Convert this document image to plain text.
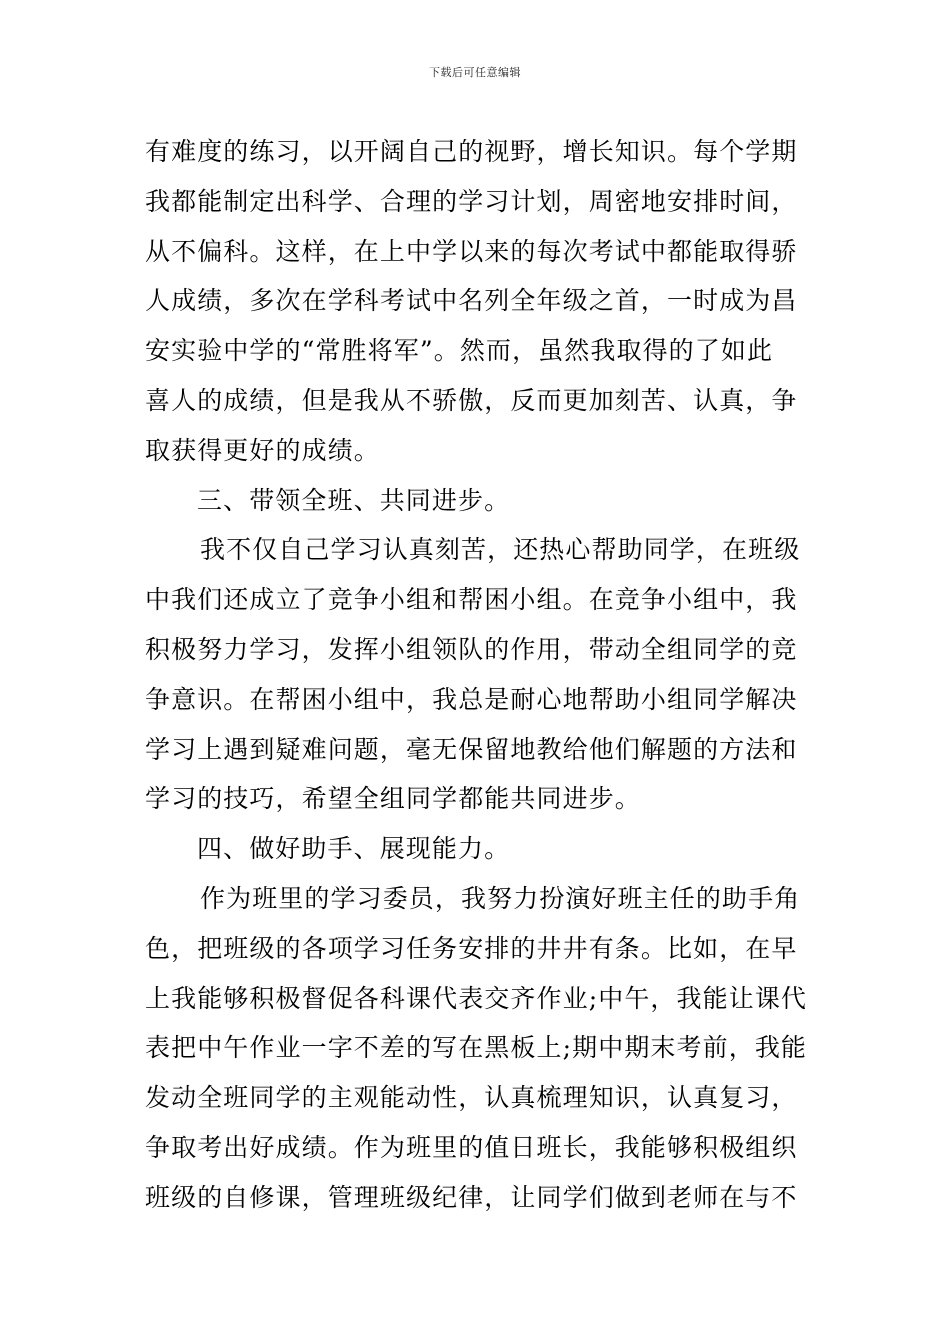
下载后可任意编辑
有难度的练习，以开阔自己的视野，增长知识。每个学期
我都能制定出科学、合理的学习计划，周密地安排时间，
从不偏科。这样，在上中学以来的每次考试中都能取得骄
人成绩，多次在学科考试中名列全年级之首，一时成为昌
安实验中学的“常胜将军”。然而，虽然我取得的了如此
喜人的成绩，但是我从不骄傲，反而更加刻苦、认真，争
取获得更好的成绩。
三、带领全班、共同进步。
我不仅自己学习认真刻苦，还热心帮助同学，在班级
中我们还成立了竞争小组和帮困小组。在竞争小组中，我
积极努力学习，发挥小组领队的作用，带动全组同学的竞
争意识。在帮困小组中，我总是耐心地帮助小组同学解决
学习上遇到疑难问题，毫无保留地教给他们解题的方法和
学习的技巧，希望全组同学都能共同进步。
四、做好助手、展现能力。
作为班里的学习委员，我努力扮演好班主任的助手角
色，把班级的各项学习任务安排的井井有条。比如，在早
上我能够积极督促各科课代表交齐作业;中午，我能让课代
表把中午作业一字不差的写在黑板上;期中期末考前，我能
发动全班同学的主观能动性，认真梳理知识，认真复习，
争取考出好成绩。作为班里的值日班长，我能够积极组织
班级的自修课，管理班级纪律，让同学们做到老师在与不
